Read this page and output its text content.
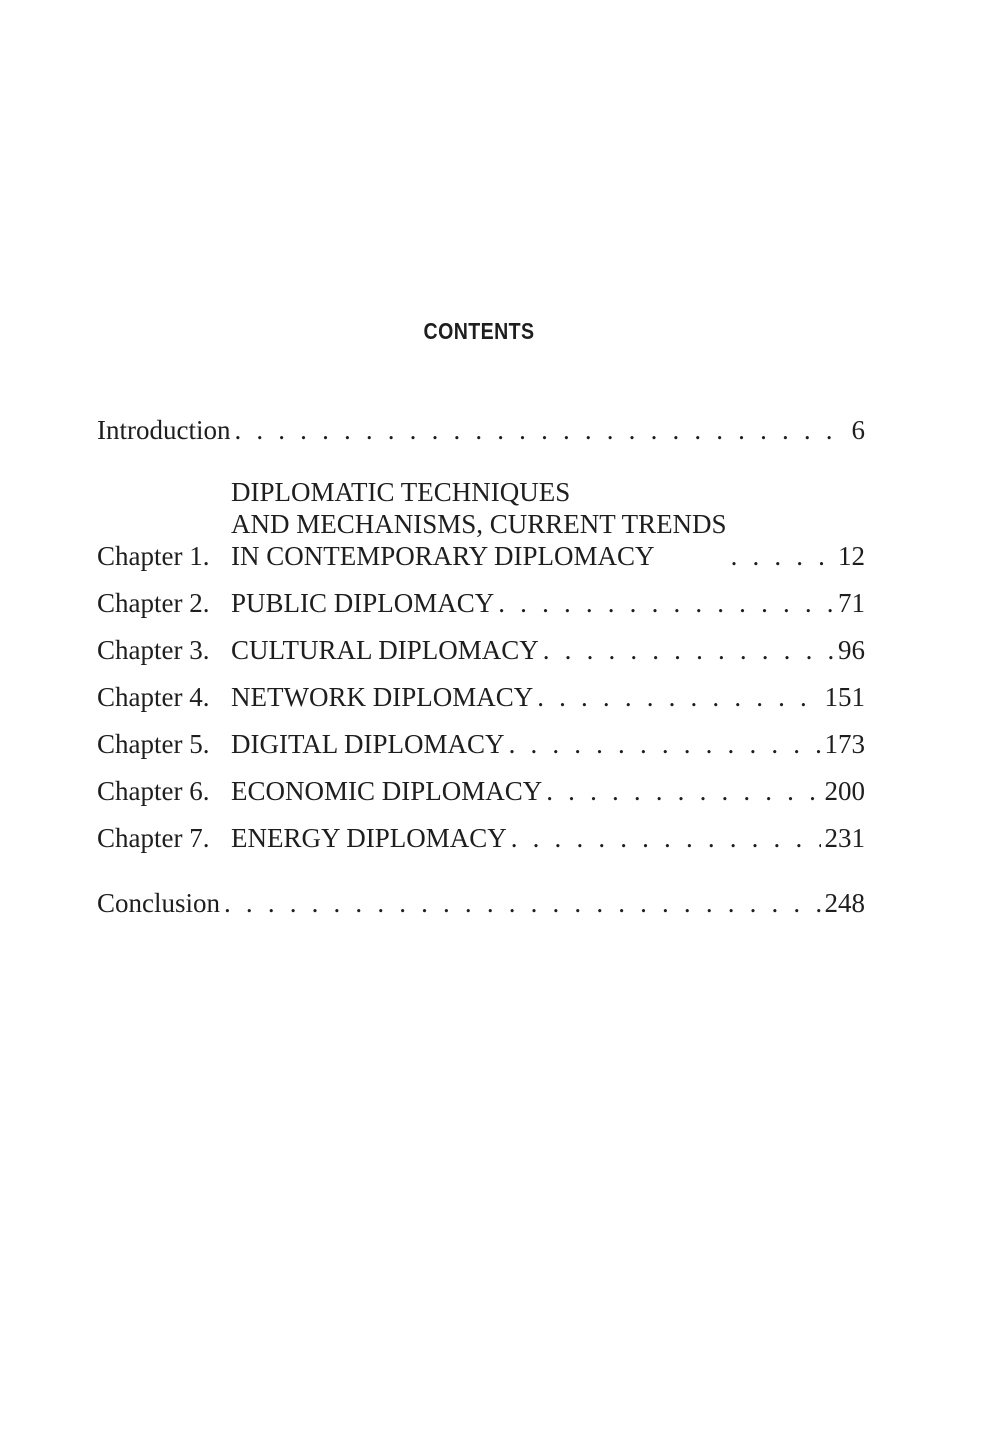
CONTENTS
Introduction . . .	6
Chapter 1.
DIPLOMATIC TECHNIQUES
AND MECHANISMS, CURRENT TRENDS
IN CONTEMPORARY DIPLOMACY . . .	12
Chapter 2. PUBLIC DIPLOMACY . . .	71
Chapter 3. CULTURAL DIPLOMACY . . .	96
Chapter 4. NETWORK DIPLOMACY . . .	151
Chapter 5. DIGITAL DIPLOMACY . . .	173
Chapter 6. ECONOMIC DIPLOMACY . . .	200
Chapter 7. ENERGY DIPLOMACY . . .	231
Conclusion . . .	248
